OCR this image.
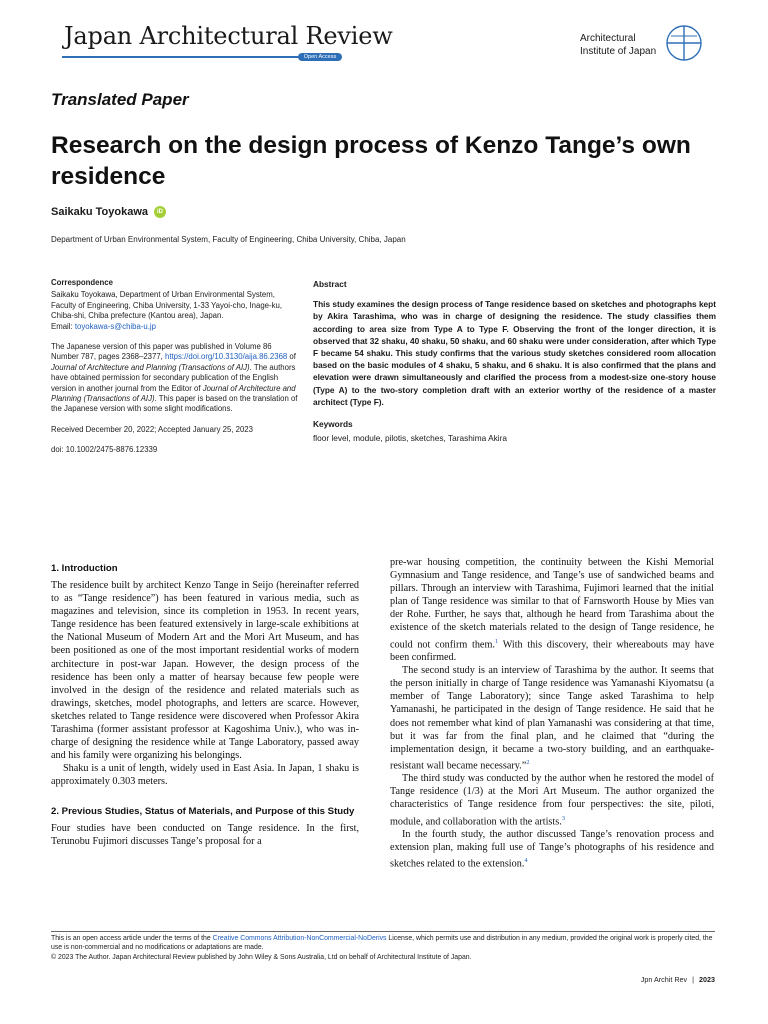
Japan Architectural Review
Open Access
Architectural
Institute of Japan
Translated Paper
Research on the design process of Kenzo Tange’s own residence
Saikaku Toyokawa	iD
Department of Urban Environmental System, Faculty of Engineering, Chiba University, Chiba, Japan
Correspondence

Saikaku Toyokawa, Department of Urban Environmental System, Faculty of Engineering, Chiba University, 1-33 Yayoi-cho, Inage-ku, Chiba-shi, Chiba prefecture (Kantou area), Japan.
Email: toyokawa-s@chiba-u.jp

The Japanese version of this paper was published in Volume 86 Number 787, pages 2368–2377, https://doi.org/10.3130/aija.86.2368 of Journal of Architecture and Planning (Transactions of AIJ). The authors have obtained permission for secondary publication of the English version in another journal from the Editor of Journal of Architecture and Planning (Transactions of AIJ). This paper is based on the translation of the Japanese version with some slight modifications.

Received December 20, 2022; Accepted January 25, 2023

doi: 10.1002/2475-8876.12339

Abstract
This study examines the design process of Tange residence based on sketches and photographs kept by Akira Tarashima, who was in charge of designing the residence. The study classifies them according to area size from Type A to Type F. Observing the front of the longer direction, it is observed that 32 shaku, 40 shaku, 50 shaku, and 60 shaku were under consideration, after which Type F became 54 shaku. This study confirms that the various study sketches considered room allocation based on the basic modules of 4 shaku, 5 shaku, and 6 shaku. It is also confirmed that the plans and elevation were drawn simultaneously and clarified the process from a modest-size one-story house (Type A) to the two-story completion draft with an exterior worthy of the residence of a master architect (Type F).
Keywords
floor level, module, pilotis, sketches, Tarashima Akira
1. Introduction

The residence built by architect Kenzo Tange in Seijo (hereinafter referred to as “Tange residence”) has been featured in various media, such as magazines and television, since its completion in 1953. In recent years, Tange residence has been featured extensively in large-scale exhibitions at the National Museum of Modern Art and the Mori Art Museum, and has been positioned as one of the most important residential works of modern architecture in post-war Japan. However, the design process of the residence has been only a matter of hearsay because few people were involved in the design of the residence and related materials such as drawings, sketches, model photographs, and letters are scarce. However, sketches related to Tange residence were discovered when Professor Akira Tarashima (former assistant professor at Kagoshima Univ.), who was in-charge of designing the residence while at Tange Laboratory, passed away and his family were organizing his belongings.

Shaku is a unit of length, widely used in East Asia. In Japan, 1 shaku is approximately 0.303 meters.

2. Previous Studies, Status of Materials, and Purpose of this Study

Four studies have been conducted on Tange residence. In the first, Terunobu Fujimori discusses Tange’s proposal for a

pre-war housing competition, the continuity between the Kishi Memorial Gymnasium and Tange residence, and Tange’s use of sandwiched beams and pillars. Through an interview with Tarashima, Fujimori learned that the initial plan of Tange residence was similar to that of Farnsworth House by Mies van der Rohe. Further, he says that, although he heard from Tarashima about the existence of the sketch materials related to the design of Tange residence, he could not confirm them.$^1$ With this discovery, their whereabouts may have been confirmed.

The second study is an interview of Tarashima by the author. It seems that the person initially in charge of Tange residence was Yamanashi Kiyomatsu (a member of Tange Laboratory); since Tange asked Tarashima to help Yamanashi, he participated in the design of Tange residence. He said that he does not remember what kind of plan Yamanashi was considering at that time, but it was far from the final plan, and he claimed that “during the implementation design, it became a two-story building, and an earthquake-resistant wall became necessary.”$^2$

The third study was conducted by the author when he restored the model of Tange residence (1/3) at the Mori Art Museum. The author organized the characteristics of Tange residence from four perspectives: the site, piloti, module, and collaboration with the artists.$^3$

In the fourth study, the author discussed Tange’s renovation process and extension plan, making full use of Tange’s photographs of his residence and sketches related to the extension.$^4$

This is an open access article under the terms of the Creative Commons Attribution-NonCommercial-NoDerivs License, which permits use and distribution in any medium, provided the original work is properly cited, the use is non-commercial and no modifications or adaptations are made.
© 2023 The Author. Japan Architectural Review published by John Wiley & Sons Australia, Ltd on behalf of Architectural Institute of Japan.
Jpn Archit Rev | 2023
